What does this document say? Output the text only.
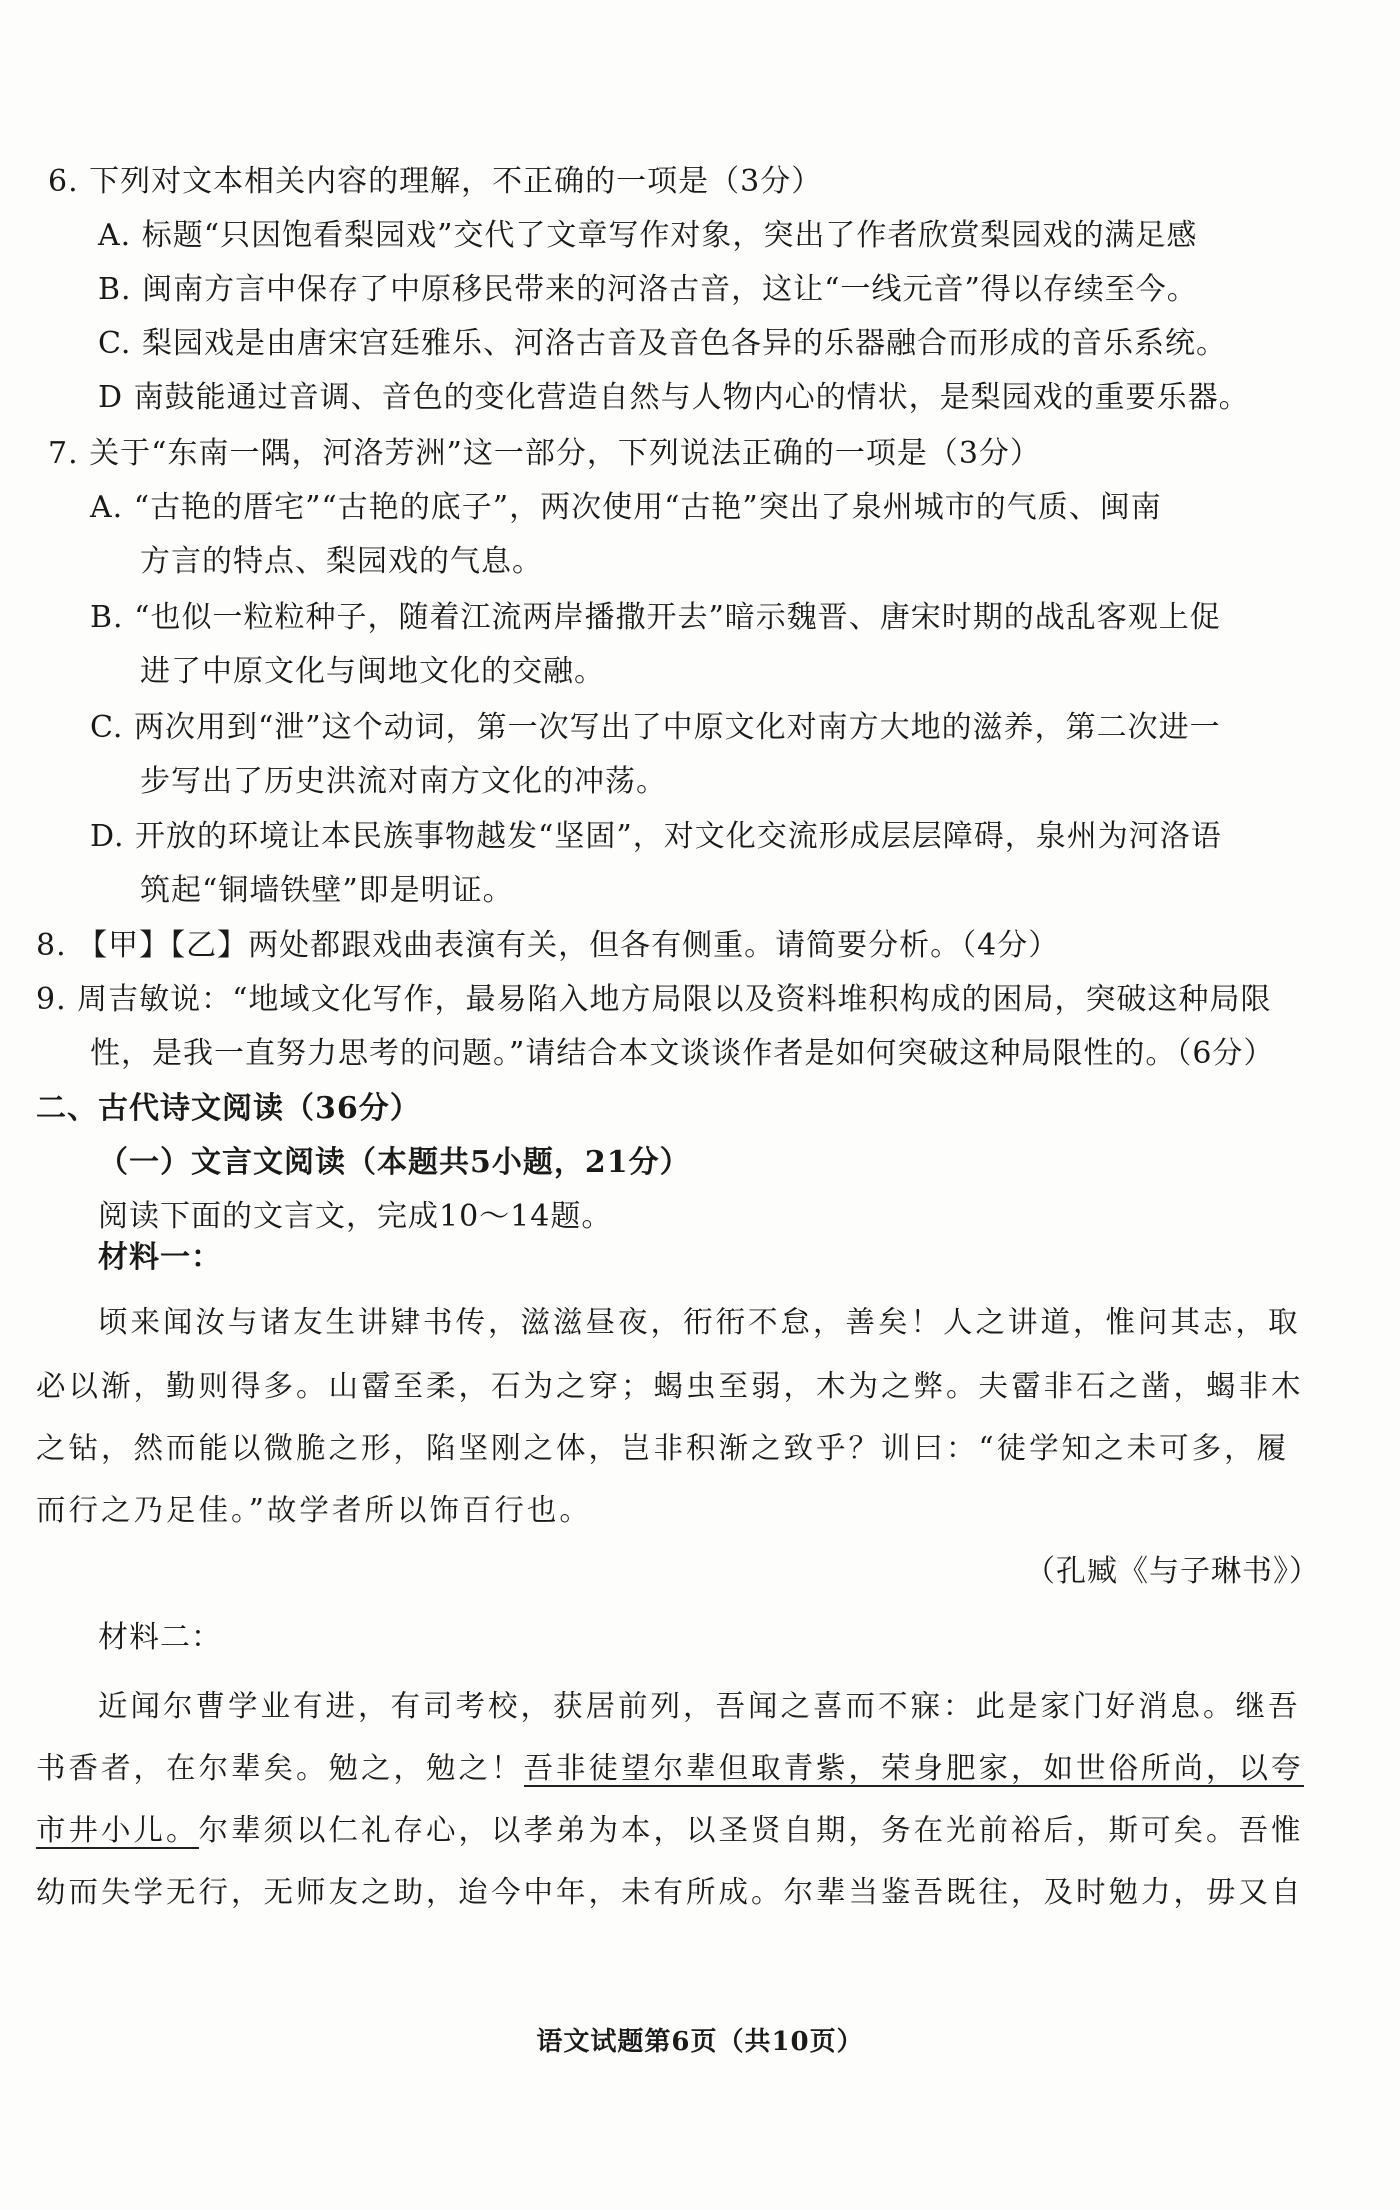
6. 下列对文本相关内容的理解，不正确的一项是（3分）
A. 标题“只因饱看梨园戏”交代了文章写作对象，突出了作者欣赏梨园戏的满足感
B. 闽南方言中保存了中原移民带来的河洛古音，这让“一线元音”得以存续至今。
C. 梨园戏是由唐宋宫廷雅乐、河洛古音及音色各异的乐器融合而形成的音乐系统。
D 南鼓能通过音调、音色的变化营造自然与人物内心的情状，是梨园戏的重要乐器。
7. 关于“东南一隅，河洛芳洲”这一部分，下列说法正确的一项是（3分）
A. “古艳的厝宅”“古艳的底子”，两次使用“古艳”突出了泉州城市的气质、闽南
方言的特点、梨园戏的气息。
B. “也似一粒粒种子，随着江流两岸播撒开去”暗示魏晋、唐宋时期的战乱客观上促
进了中原文化与闽地文化的交融。
C. 两次用到“泄”这个动词，第一次写出了中原文化对南方大地的滋养，第二次进一
步写出了历史洪流对南方文化的冲荡。
D. 开放的环境让本民族事物越发“坚固”，对文化交流形成层层障碍，泉州为河洛语
筑起“铜墙铁壁”即是明证。
8. 【甲】【乙】两处都跟戏曲表演有关，但各有侧重。请简要分析。（4分）
9. 周吉敏说：“地域文化写作，最易陷入地方局限以及资料堆积构成的困局，突破这种局限
性，是我一直努力思考的问题。”请结合本文谈谈作者是如何突破这种局限性的。（6分）
二、古代诗文阅读（36分）
（一）文言文阅读（本题共5小题，21分）
阅读下面的文言文，完成10～14题。
材料一：
顷来闻汝与诸友生讲肄书传，滋滋昼夜，衎衎不怠，善矣！人之讲道，惟问其志，取
必以渐，勤则得多。山霤至柔，石为之穿；蝎虫至弱，木为之弊。夫霤非石之凿，蝎非木
之钻，然而能以微脆之形，陷坚刚之体，岂非积渐之致乎？训曰：“徒学知之未可多，履
而行之乃足佳。”故学者所以饰百行也。
（孔臧《与子琳书》）
材料二：
近闻尔曹学业有进，有司考校，获居前列，吾闻之喜而不寐：此是家门好消息。继吾
书香者，在尔辈矣。勉之，勉之！吾非徒望尔辈但取青紫，荣身肥家，如世俗所尚，以夸
市井小儿。尔辈须以仁礼存心，以孝弟为本，以圣贤自期，务在光前裕后，斯可矣。吾惟
幼而失学无行，无师友之助，迨今中年，未有所成。尔辈当鉴吾既往，及时勉力，毋又自
语文试题第6页（共10页）
